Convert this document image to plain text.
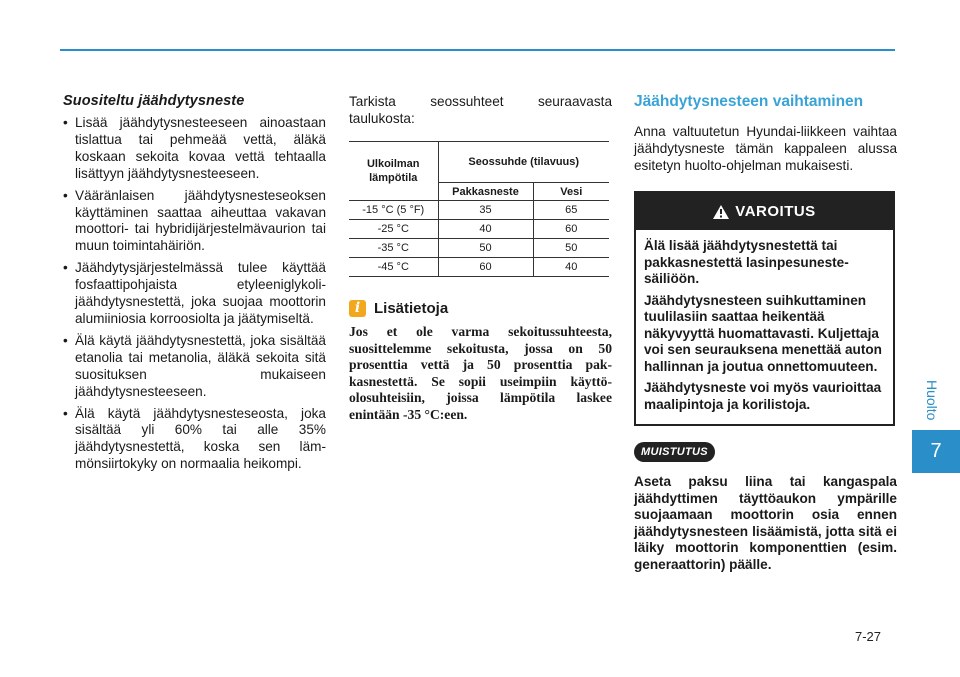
Suositeltu jäähdytysneste
• Lisää jäähdytysnesteeseen ainoastaan tislattua tai pehmeää vettä, äläkä koskaan sekoita kovaa vettä tehtaalla lisättyyn jäähdytysnesteeseen.
• Vääränlaisen jäähdytysnesteseoksen käyttäminen saattaa aiheuttaa vakavan moottori- tai hybridijärjestelmävaurion tai muun toimintahäiriön.
• Jäähdytysjärjestelmässä tulee käyttää fosfaattipohjaista etyleeniglykoli-jäähdytysnestettä, joka suojaa moottorin alumiiniosia korroosiolta ja jäätymiseltä.
• Älä käytä jäähdytysnestettä, joka sisältää etanolia tai metanolia, äläkä sekoita sitä suosituksen mukaiseen jäähdytysnesteeseen.
• Älä käytä jäähdytysnesteseosta, joka sisältää yli 60% tai alle 35% jäähdytysnestettä, koska sen lämmönsiirtokyky on normaalia heikompi.

Tarkista seossuhteet seuraavasta taulukosta:

Ulkoilman lämpötila	Seossuhde (tilavuus)	
	Pakkasneste	Vesi
-15 °C (5 °F)	35	65
-25 °C	40	60
-35 °C	50	50
-45 °C	60	40
i Lisätietoja

Jos et ole varma sekoitussuhteesta, suosittelemme sekoitusta, jossa on 50 prosenttia vettä ja 50 prosenttia pakkasnestettä. Se sopii useimpiin käyttöolosuhteisiin, joissa lämpötila laskee enintään -35 °C:een.

Jäähdytysnesteen vaihtaminen

Anna valtuutetun Hyundai-liikkeen vaihtaa jäähdytysneste tämän kappaleen alussa esitetyn huolto-ohjelman mukaisesti.

VAROITUS

Älä lisää jäähdytysnestettä tai pakkasnestettä lasinpesunestesäiliöön.

Jäähdytysnesteen suihkuttaminen tuulilasiin saattaa heikentää näkyvyyttä huomattavasti. Kuljettaja voi sen seurauksena menettää auton hallinnan ja joutua onnettomuuteen.

Jäähdytysneste voi myös vaurioittaa maalipintoja ja korilistoja.

MUISTUTUS

Aseta paksu liina tai kangaspala jäähdyttimen täyttöaukon ympärille suojaamaan moottorin osia ennen jäähdytysnesteen lisäämistä, jotta sitä ei läiky moottorin komponenttien (esim. generaattorin) päälle.

Huolto
7
7-27
